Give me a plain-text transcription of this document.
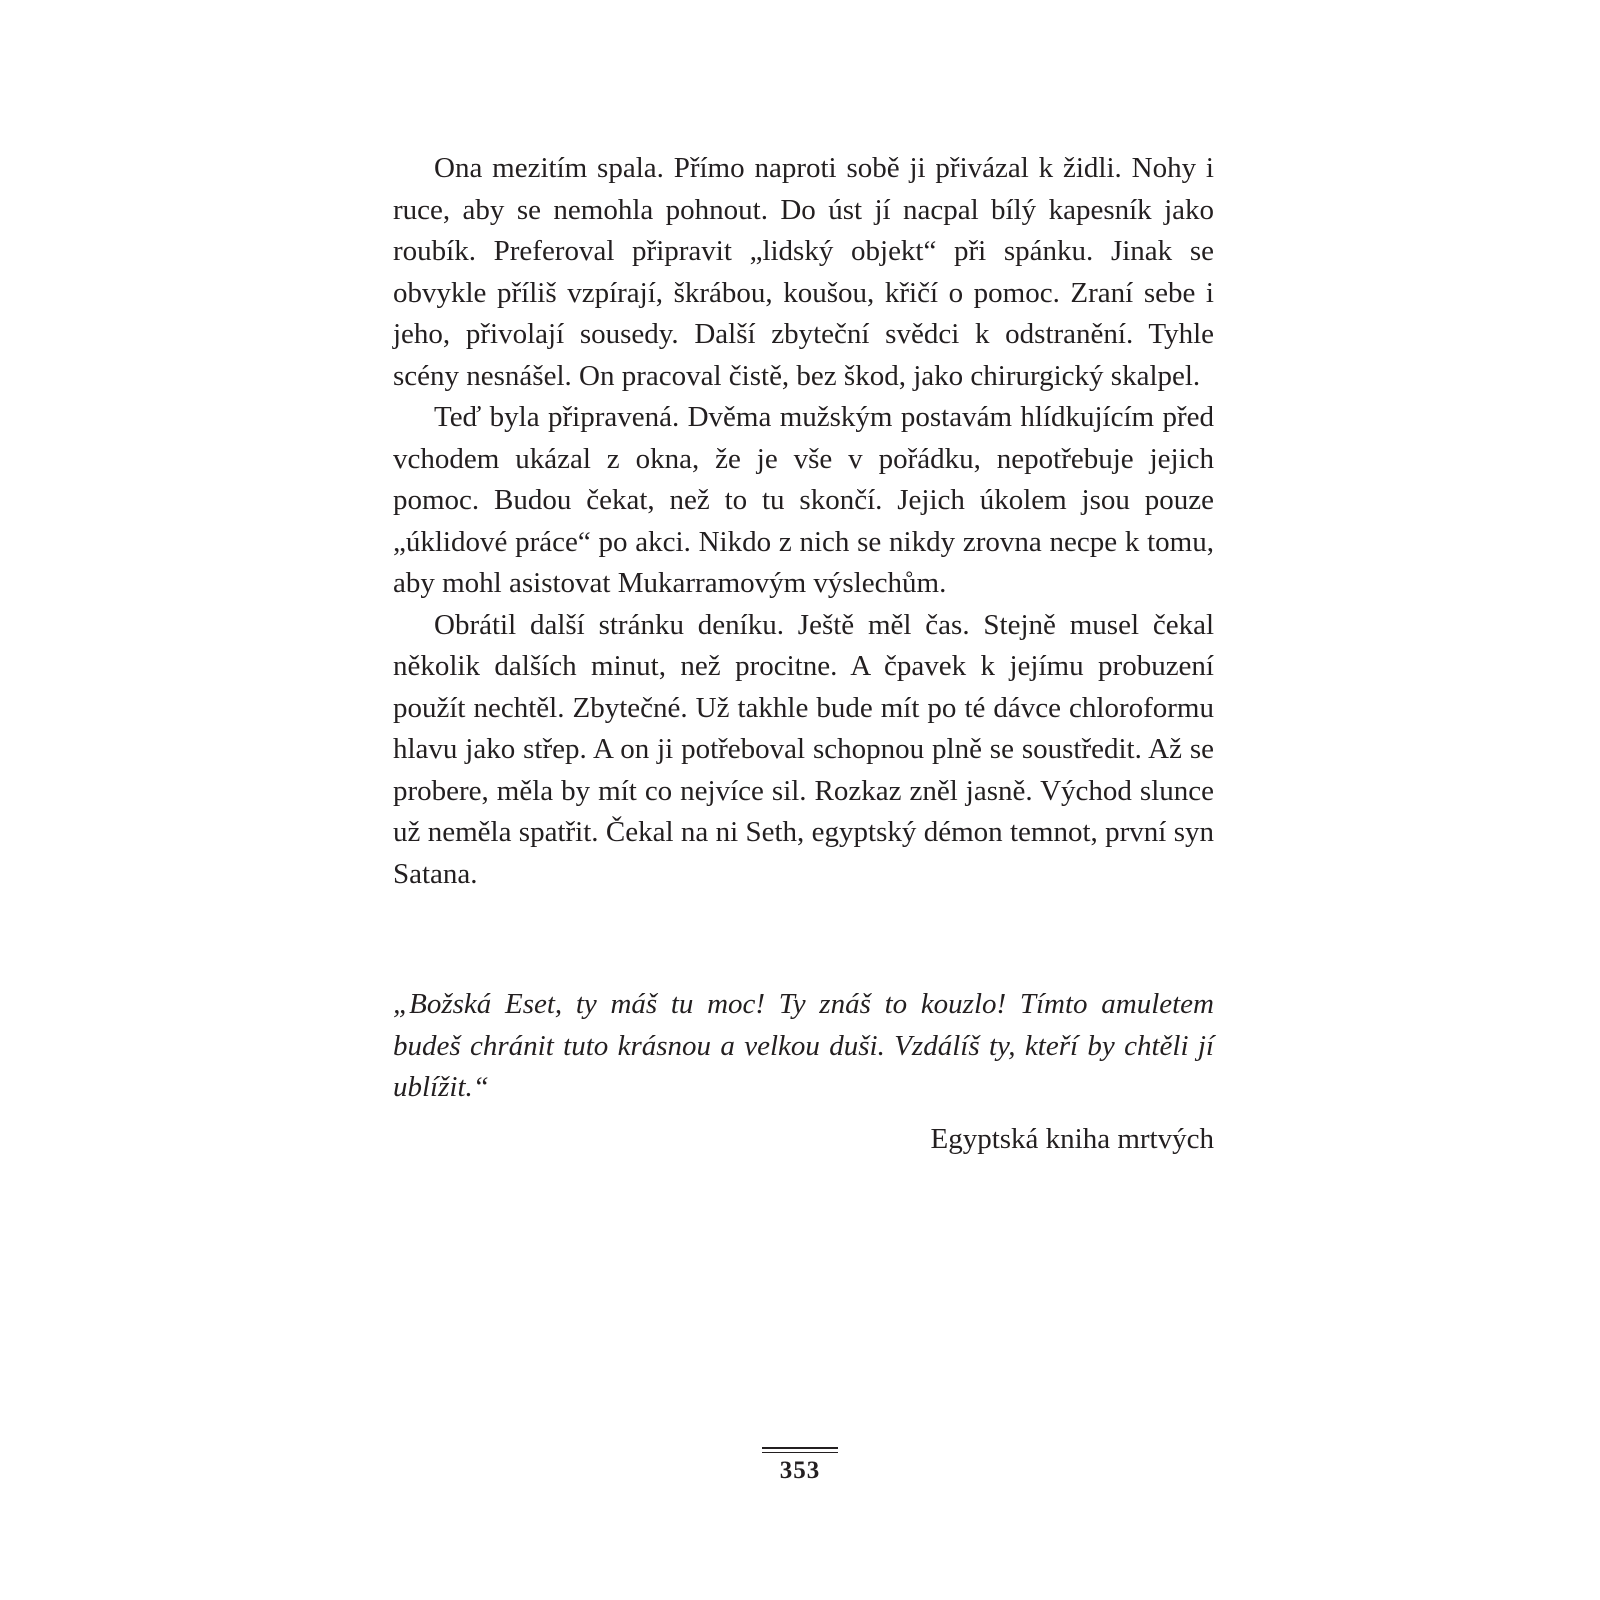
Ona mezitím spala. Přímo naproti sobě ji přivázal k židli. Nohy i ruce, aby se nemohla pohnout. Do úst jí nacpal bílý kapesník jako roubík. Preferoval připravit „lidský objekt“ při spánku. Jinak se obvykle příliš vzpírají, škrábou, koušou, křičí o pomoc. Zraní sebe i jeho, přivolají sousedy. Další zbyteční svědci k odstranění. Tyhle scény nesnášel. On pracoval čistě, bez škod, jako chirurgický skalpel.

Teď byla připravená. Dvěma mužským postavám hlídkujícím před vchodem ukázal z okna, že je vše v pořádku, nepotřebuje jejich pomoc. Budou čekat, než to tu skončí. Jejich úkolem jsou pouze „úklidové práce“ po akci. Nikdo z nich se nikdy zrovna necpe k tomu, aby mohl asistovat Mukarramovým výslechům.

Obrátil další stránku deníku. Ještě měl čas. Stejně musel čekal několik dalších minut, než procitne. A čpavek k jejímu probuzení použít nechtěl. Zbytečné. Už takhle bude mít po té dávce chloroformu hlavu jako střep. A on ji potřeboval schopnou plně se soustředit. Až se probere, měla by mít co nejvíce sil. Rozkaz zněl jasně. Východ slunce už neměla spatřit. Čekal na ni Seth, egyptský démon temnot, první syn Satana.

„Božská Eset, ty máš tu moc! Ty znáš to kouzlo! Tímto amuletem budeš chránit tuto krásnou a velkou duši. Vzdálíš ty, kteří by chtěli jí ublížit.“

Egyptská kniha mrtvých

353
